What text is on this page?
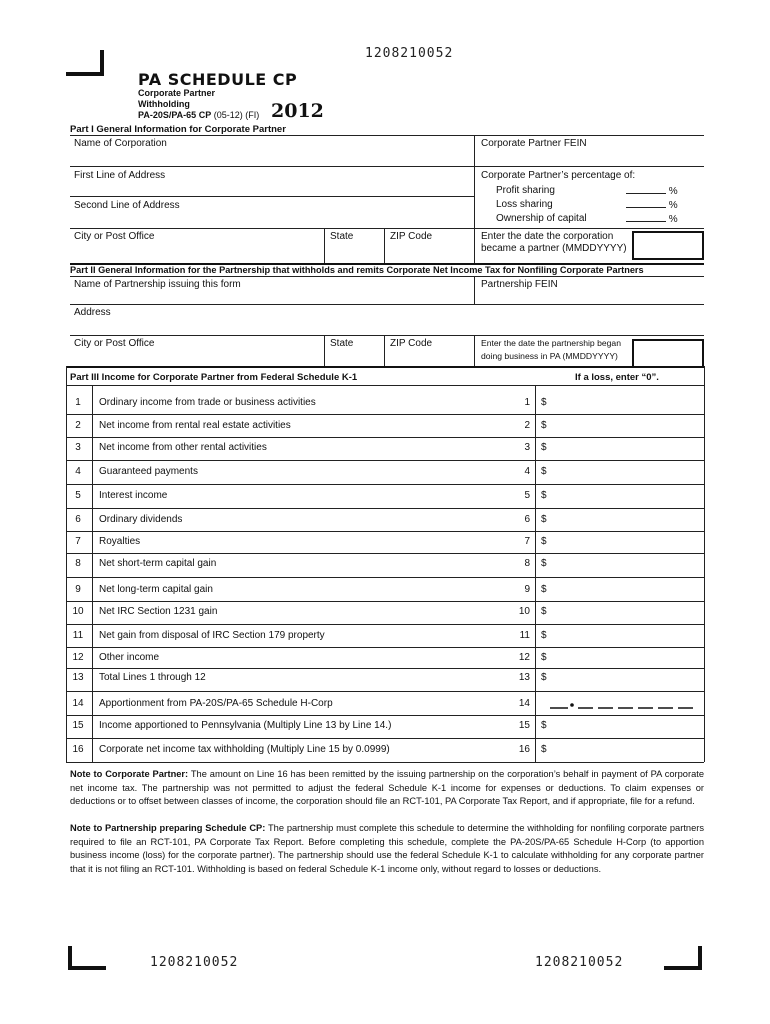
1208210052
1208210052	1208210052
PA SCHEDULE CP
Corporate Partner
Withholding
PA-20S/PA-65 CP (05-12) (FI) 2012
Part I General Information for Corporate Partner
Name of Corporation	Corporate Partner FEIN
First Line of Address
Second Line of Address
Corporate Partner’s percentage of:
Profit sharing	%
Loss sharing	%
Ownership of capital	%
City or Post Office	State	ZIP Code	Enter the date the corporation
became a partner (MMDDYYYY)
Part II General Information for the Partnership that withholds and remits Corporate Net Income Tax for Nonfiling Corporate Partners
Name of Partnership issuing this form	Partnership FEIN
Address
City or Post Office	State	ZIP Code	Enter the date the partnership began
doing business in PA (MMDDYYYY)
Part III Income for Corporate Partner from Federal Schedule K-1	If a loss, enter “0”.
1	Ordinary income from trade or business activities	1 $
2	Net income from rental real estate activities	2 $
3	Net income from other rental activities	3 $
4	Guaranteed payments	4 $
5	Interest income	5 $
6	Ordinary dividends	6 $
7	Royalties	7 $
8	Net short-term capital gain	8 $
9	Net long-term capital gain	9 $
10	Net IRC Section 1231 gain	10 $
11	Net gain from disposal of IRC Section 179 property	11 $
12	Other income	12 $
13	Total Lines 1 through 12	13 $
14	Apportionment from PA-20S/PA-65 Schedule H-Corp	14
15	Income apportioned to Pennsylvania (Multiply Line 13 by Line 14.)	15 $
16	Corporate net income tax withholding (Multiply Line 15 by 0.0999)	16 $
Note to Corporate Partner: The amount on Line 16 has been remitted by the issuing partnership on the corporation’s behalf in payment of PA corporate net income tax. The partnership was not permitted to adjust the federal Schedule K-1 income for expenses or deductions. To claim expenses or deductions or to offset between classes of income, the corporation should file an RCT-101, PA Corporate Tax Report, and if appropriate, file for a refund.
Note to Partnership preparing Schedule CP: The partnership must complete this schedule to determine the withholding for nonfiling corporate partners required to file an RCT-101, PA Corporate Tax Report. Before completing this schedule, complete the PA-20S/PA-65 Schedule H-Corp (to apportion business income (loss) for the corporate partner). The partnership should use the federal Schedule K-1 to calculate withholding for any corporate partner that it is not filing an RCT-101. Withholding is based on federal Schedule K-1 income only, without regard to losses or deductions.
